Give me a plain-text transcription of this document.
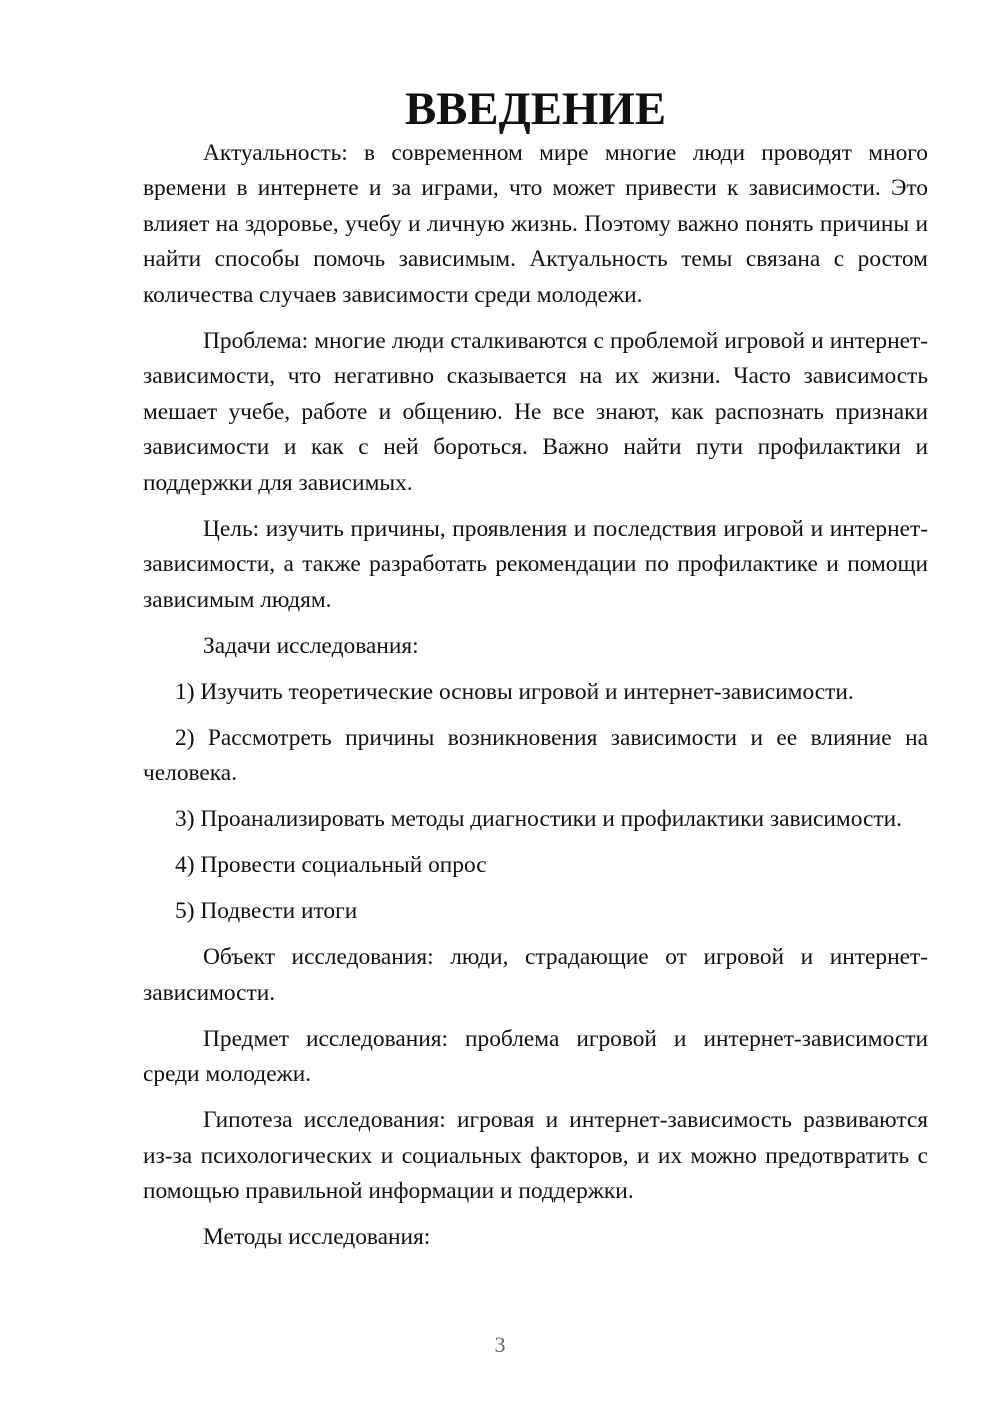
ВВЕДЕНИЕ

Актуальность: в современном мире многие люди проводят много времени в интернете и за играми, что может привести к зависимости. Это влияет на здоровье, учебу и личную жизнь. Поэтому важно понять причины и найти способы помочь зависимым. Актуальность темы связана с ростом количества случаев зависимости среди молодежи.

Проблема: многие люди сталкиваются с проблемой игровой и интернет-зависимости, что негативно сказывается на их жизни. Часто зависимость мешает учебе, работе и общению. Не все знают, как распознать признаки зависимости и как с ней бороться. Важно найти пути профилактики и поддержки для зависимых.

Цель: изучить причины, проявления и последствия игровой и интернет-зависимости, а также разработать рекомендации по профилактике и помощи зависимым людям.

Задачи исследования:

1) Изучить теоретические основы игровой и интернет-зависимости.

2) Рассмотреть причины возникновения зависимости и ее влияние на человека.

3) Проанализировать методы диагностики и профилактики зависимости.

4) Провести социальный опрос

5) Подвести итоги

Объект исследования: люди, страдающие от игровой и интернет-зависимости.

Предмет исследования: проблема игровой и интернет-зависимости среди молодежи.

Гипотеза исследования: игровая и интернет-зависимость развиваются из-за психологических и социальных факторов, и их можно предотвратить с помощью правильной информации и поддержки.

Методы исследования:

3
